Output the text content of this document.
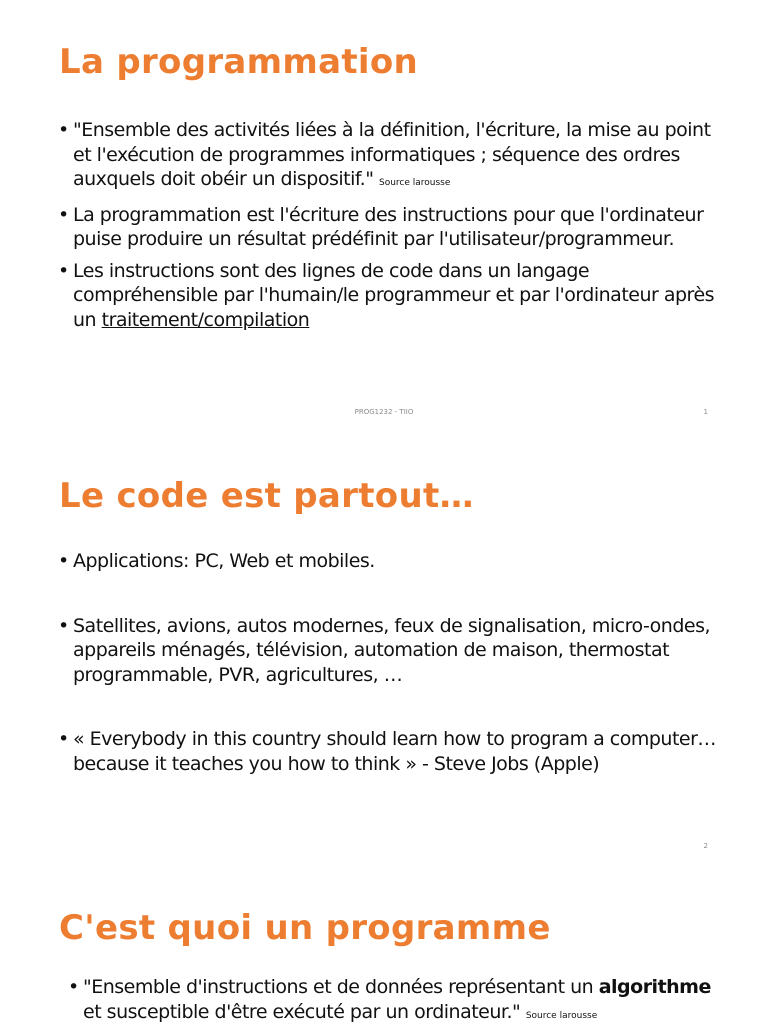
La programmation
• "Ensemble des activités liées à la définition, l'écriture, la mise au point et l'exécution de programmes informatiques ; séquence des ordres auxquels doit obéir un dispositif." Source larousse
• La programmation est l'écriture des instructions pour que l'ordinateur puise produire un résultat prédéfinit par l'utilisateur/programmeur.
• Les instructions sont des lignes de code dans un langage compréhensible par l'humain/le programmeur et par l'ordinateur après un traitement/compilation
PROG1232 - TIIO	1
Le code est partout…
• Applications: PC, Web et mobiles.
• Satellites, avions, autos modernes, feux de signalisation, micro-ondes, appareils ménagés, télévision, automation de maison, thermostat programmable, PVR, agricultures, …
• « Everybody in this country should learn how to program a computer… because it teaches you how to think » - Steve Jobs (Apple)
2
C'est quoi un programme
• "Ensemble d'instructions et de données représentant un algorithme et susceptible d'être exécuté par un ordinateur." Source larousse
